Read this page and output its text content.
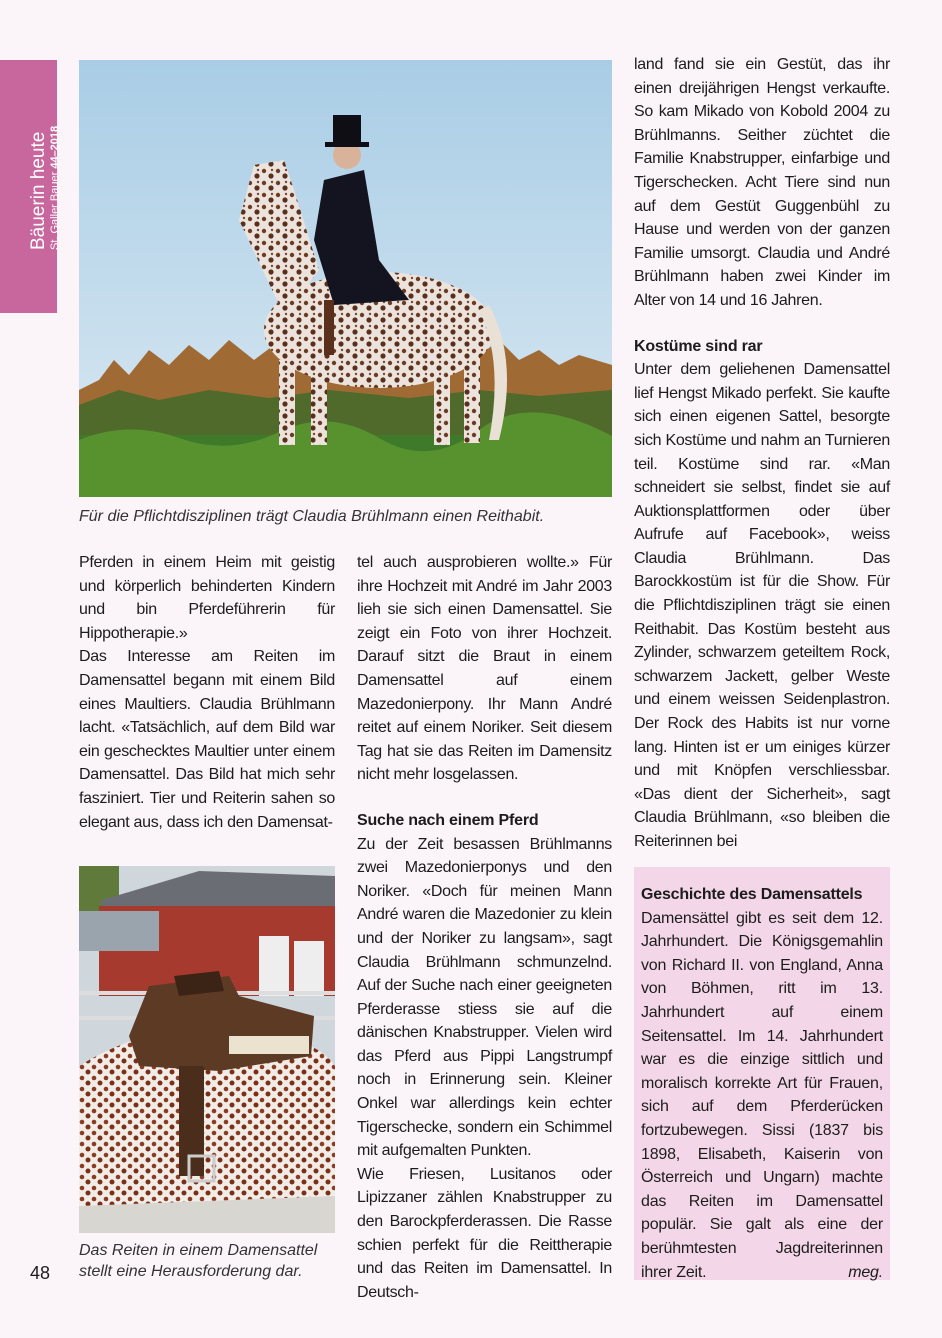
Bäuerin heute St. Galler Bauer 44–2018
Für die Pflichtdisziplinen trägt Claudia Brühlmann einen Reithabit.
Das Reiten in einem Damensattel
stellt eine Herausforderung dar.
48

Pferden in einem Heim mit geistig und körperlich behinderten Kindern und bin Pferdeführerin für Hippotherapie.»

Das Interesse am Reiten im Damensattel begann mit einem Bild eines Maultiers. Claudia Brühlmann lacht. «Tatsächlich, auf dem Bild war ein geschecktes Maultier unter einem Damensattel. Das Bild hat mich sehr fasziniert. Tier und Reiterin sahen so elegant aus, dass ich den Damensat-

tel auch ausprobieren wollte.» Für ihre Hochzeit mit André im Jahr 2003 lieh sie sich einen Damensattel. Sie zeigt ein Foto von ihrer Hochzeit. Darauf sitzt die Braut in einem Damensattel auf einem Mazedonierpony. Ihr Mann André reitet auf einem Noriker. Seit diesem Tag hat sie das Reiten im Damensitz nicht mehr losgelassen.

Suche nach einem Pferd

Zu der Zeit besassen Brühlmanns zwei Mazedonierponys und den Noriker. «Doch für meinen Mann André waren die Mazedonier zu klein und der Noriker zu langsam», sagt Claudia Brühlmann schmunzelnd. Auf der Suche nach einer geeigneten Pferderasse stiess sie auf die dänischen Knabstrupper. Vielen wird das Pferd aus Pippi Langstrumpf noch in Erinnerung sein. Kleiner Onkel war allerdings kein echter Tigerschecke, sondern ein Schimmel mit aufgemalten Punkten.

Wie Friesen, Lusitanos oder Lipizzaner zählen Knabstrupper zu den Barockpferderassen. Die Rasse schien perfekt für die Reittherapie und das Reiten im Damensattel. In Deutsch-

land fand sie ein Gestüt, das ihr einen dreijährigen Hengst verkaufte. So kam Mikado von Kobold 2004 zu Brühlmanns. Seither züchtet die Familie Knabstrupper, einfarbige und Tigerschecken. Acht Tiere sind nun auf dem Gestüt Guggenbühl zu Hause und werden von der ganzen Familie umsorgt. Claudia und André Brühlmann haben zwei Kinder im Alter von 14 und 16 Jahren.

Kostüme sind rar

Unter dem geliehenen Damensattel lief Hengst Mikado perfekt. Sie kaufte sich einen eigenen Sattel, besorgte sich Kostüme und nahm an Turnieren teil. Kostüme sind rar. «Man schneidert sie selbst, findet sie auf Auktionsplattformen oder über Aufrufe auf Facebook», weiss Claudia Brühlmann. Das Barockkostüm ist für die Show. Für die Pflichtdisziplinen trägt sie einen Reithabit. Das Kostüm besteht aus Zylinder, schwarzem geteiltem Rock, schwarzem Jackett, gelber Weste und einem weissen Seidenplastron. Der Rock des Habits ist nur vorne lang. Hinten ist er um einiges kürzer und mit Knöpfen verschliessbar. «Das dient der Sicherheit», sagt Claudia Brühlmann, «so bleiben die Reiterinnen bei

Geschichte des Damensattels

Damensättel gibt es seit dem 12. Jahrhundert. Die Königsgemahlin von Richard II. von England, Anna von Böhmen, ritt im 13. Jahrhundert auf einem Seitensattel. Im 14. Jahrhundert war es die einzige sittlich und moralisch korrekte Art für Frauen, sich auf dem Pferderücken fortzubewegen. Sissi (1837 bis 1898, Elisabeth, Kaiserin von Österreich und Ungarn) machte das Reiten im Damensattel populär. Sie galt als eine der berühmtesten Jagdreiterinnen ihrer Zeit.	meg.
